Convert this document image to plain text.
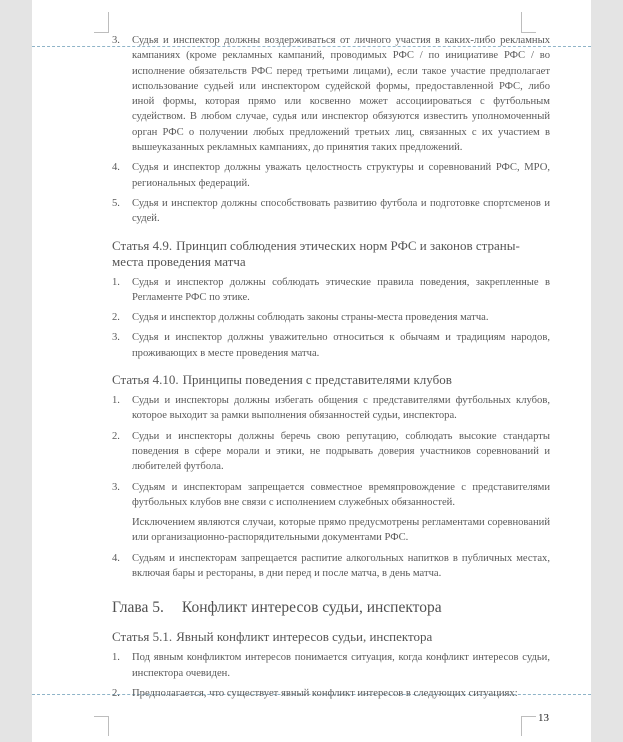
3. Судья и инспектор должны воздерживаться от личного участия в каких-либо рекламных кампаниях (кроме рекламных кампаний, проводимых РФС / по инициативе РФС / во исполнение обязательств РФС перед третьими лицами), если такое участие предполагает использование судьей или инспектором судейской формы, предоставленной РФС, либо иной формы, которая прямо или косвенно может ассоциироваться с футбольным судейством. В любом случае, судья или инспектор обязуются известить уполномоченный орган РФС о получении любых предложений третьих лиц, связанных с их участием в вышеуказанных рекламных кампаниях, до принятия таких предложений.

4. Судья и инспектор должны уважать целостность структуры и соревнований РФС, МРО, региональных федераций.

5. Судья и инспектор должны способствовать развитию футбола и подготовке спортсменов и судей.

Статья 4.9. Принцип соблюдения этических норм РФС и законов страны-места проведения матча
1. Судья и инспектор должны соблюдать этические правила поведения, закрепленные в Регламенте РФС по этике.

2. Судья и инспектор должны соблюдать законы страны-места проведения матча.

3. Судья и инспектор должны уважительно относиться к обычаям и традициям народов, проживающих в месте проведения матча.

Статья 4.10. Принципы поведения с представителями клубов
1. Судьи и инспекторы должны избегать общения с представителями футбольных клубов, которое выходит за рамки выполнения обязанностей судьи, инспектора.

2. Судьи и инспекторы должны беречь свою репутацию, соблюдать высокие стандарты поведения в сфере морали и этики, не подрывать доверия участников соревнований и любителей футбола.

3. Судьям и инспекторам запрещается совместное времяпровождение с представителями футбольных клубов вне связи с исполнением служебных обязанностей.

Исключением являются случаи, которые прямо предусмотрены регламентами соревнований или организационно-распорядительными документами РФС.

4. Судьям и инспекторам запрещается распитие алкогольных напитков в публичных местах, включая бары и рестораны, в дни перед и после матча, в день матча.

Глава 5. Конфликт интересов судьи, инспектора
Статья 5.1. Явный конфликт интересов судьи, инспектора
1. Под явным конфликтом интересов понимается ситуация, когда конфликт интересов судьи, инспектора очевиден.

2. Предполагается, что существует явный конфликт интересов в следующих ситуациях:

13
